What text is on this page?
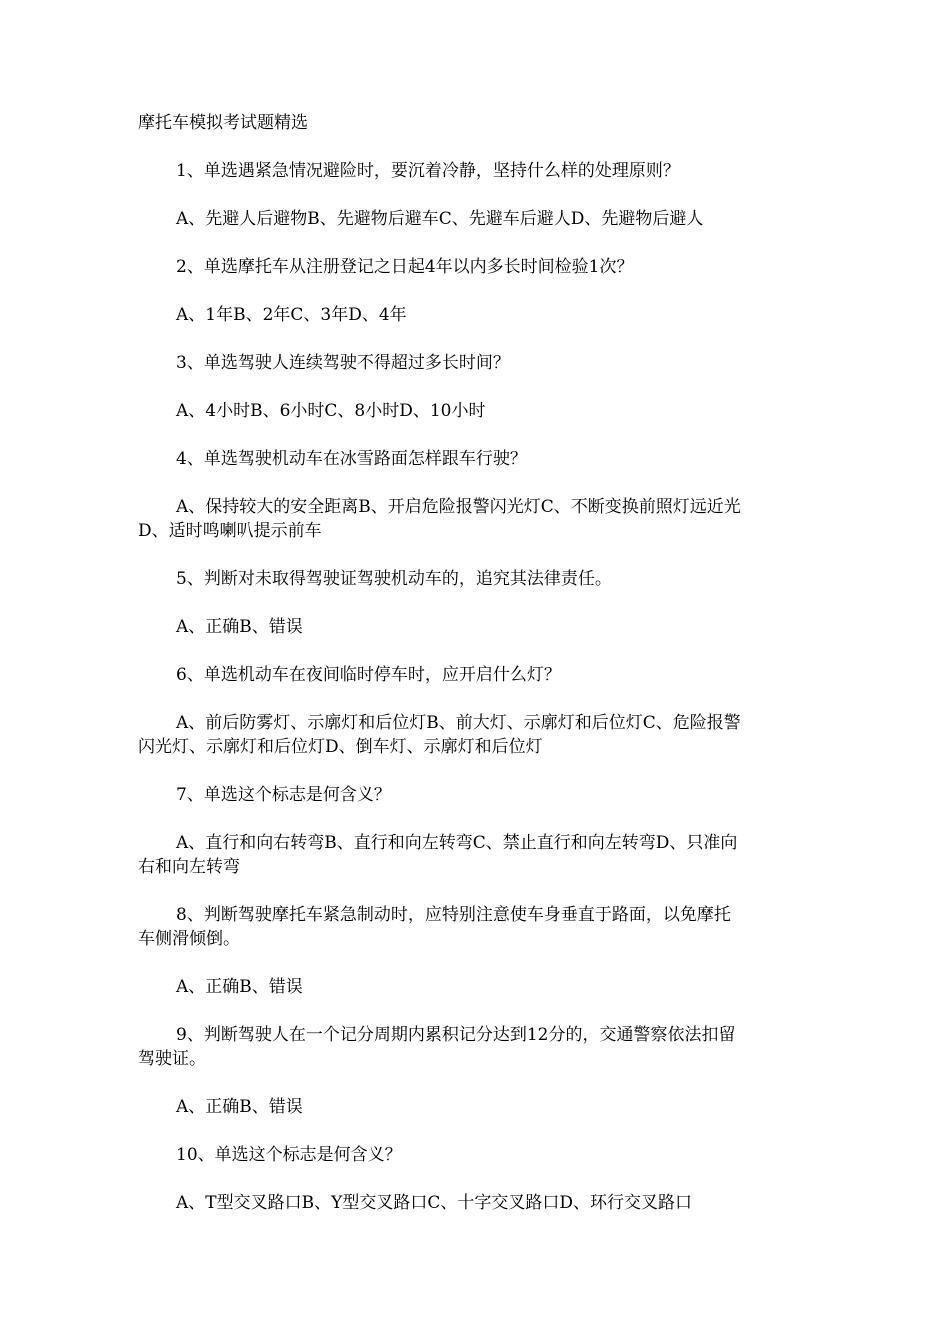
摩托车模拟考试题精选

1、单选遇紧急情况避险时，要沉着冷静，坚持什么样的处理原则？

A、先避人后避物B、先避物后避车C、先避车后避人D、先避物后避人

2、单选摩托车从注册登记之日起4年以内多长时间检验1次？

A、1年B、2年C、3年D、4年

3、单选驾驶人连续驾驶不得超过多长时间？

A、4小时B、6小时C、8小时D、10小时

4、单选驾驶机动车在冰雪路面怎样跟车行驶？

A、保持较大的安全距离B、开启危险报警闪光灯C、不断变换前照灯远近光
D、适时鸣喇叭提示前车

5、判断对未取得驾驶证驾驶机动车的，追究其法律责任。

A、正确B、错误

6、单选机动车在夜间临时停车时，应开启什么灯？

A、前后防雾灯、示廓灯和后位灯B、前大灯、示廓灯和后位灯C、危险报警
闪光灯、示廓灯和后位灯D、倒车灯、示廓灯和后位灯

7、单选这个标志是何含义？

A、直行和向右转弯B、直行和向左转弯C、禁止直行和向左转弯D、只准向
右和向左转弯

8、判断驾驶摩托车紧急制动时，应特别注意使车身垂直于路面，以免摩托
车侧滑倾倒。

A、正确B、错误

9、判断驾驶人在一个记分周期内累积记分达到12分的，交通警察依法扣留
驾驶证。

A、正确B、错误

10、单选这个标志是何含义？

A、T型交叉路口B、Y型交叉路口C、十字交叉路口D、环行交叉路口
